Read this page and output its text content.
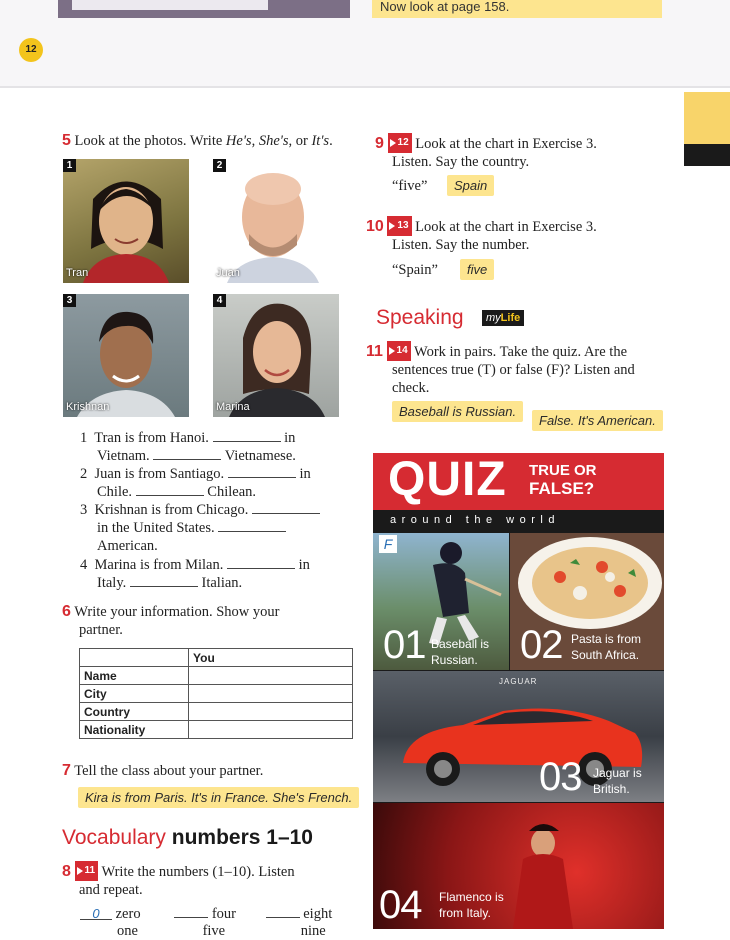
Now look at page 158.
12
5 Look at the photos. Write He's, She's, or It's.
1
Tran
2
Juan
3
Krishnan
4
Marina
1 Tran is from Hanoi.	in
Vietnam.	Vietnamese.
2 Juan is from Santiago.	in
Chile.	Chilean.
3 Krishnan is from Chicago.
in the United States.
American.
4 Marina is from Milan.	in
Italy.	Italian.
6 Write your information. Show your
partner.
	You
Name	
City	
Country	
Nationality	
7 Tell the class about your partner.
Kira is from Paris. It's in France. She's French.
Vocabulary numbers 1–10
8 11 Write the numbers (1–10). Listen
and repeat.
0 zero	four	eight
one	five	nine
9 12 Look at the chart in Exercise 3.
Listen. Say the country.
“five”	Spain
10 13 Look at the chart in Exercise 3.
Listen. Say the number.
“Spain”	five
Speaking	myLife
11 14 Work in pairs. Take the quiz. Are the
sentences true (T) or false (F)? Listen and
check.
Baseball is Russian.
False. It's American.
QUIZ TRUE OR
FALSE?
around the world
F
01 Baseball is
Russian. 02 Pasta is from
South Africa.
JAGUAR
03 Jaguar is
British.
04 Flamenco is
from Italy.
